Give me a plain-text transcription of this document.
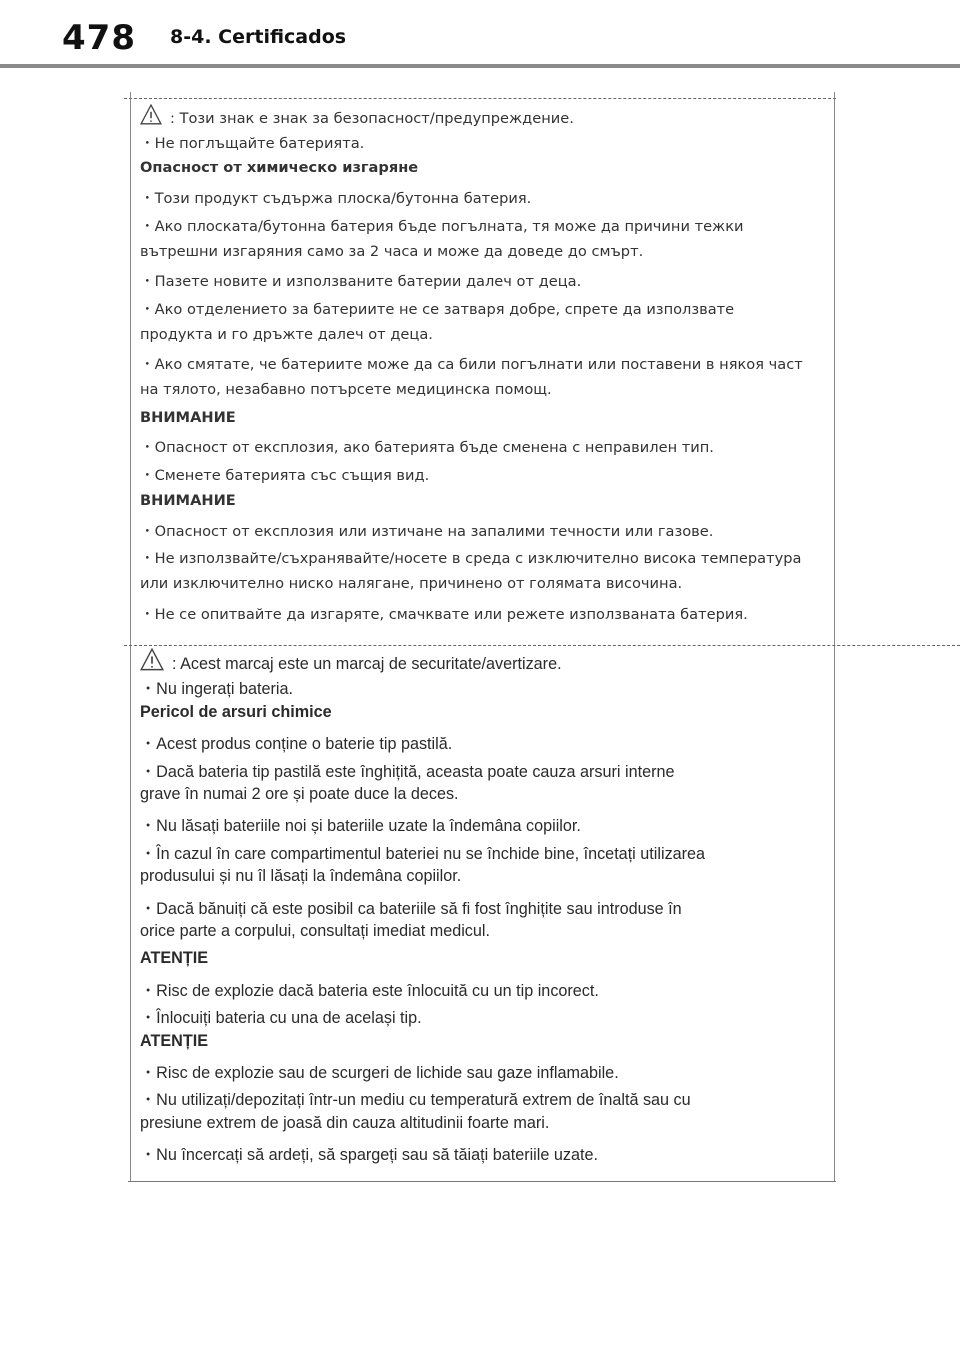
478 8-4. Certificados
: Този знак е знак за безопасност/предупреждение.
・Не поглъщайте батерията.
Опасност от химическо изгаряне
・Този продукт съдържа плоска/бутонна батерия.
・Ако плоската/бутонна батерия бъде погълната, тя може да причини тежки
вътрешни изгаряния само за 2 часа и може да доведе до смърт.
・Пазете новите и използваните батерии далеч от деца.
・Ако отделението за батериите не се затваря добре, спрете да използвате
продукта и го дръжте далеч от деца.
・Ако смятате, че батериите може да са били погълнати или поставени в някоя част
на тялото, незабавно потърсете медицинска помощ.
ВНИМАНИЕ
・Опасност от експлозия, ако батерията бъде сменена с неправилен тип.
・Сменете батерията със същия вид.
ВНИМАНИЕ
・Опасност от експлозия или изтичане на запалими течности или газове.
・Не използвайте/съхранявайте/носете в среда с изключително висока температура
или изключително ниско налягане, причинено от голямата височина.
・Не се опитвайте да изгаряте, смачквате или режете използваната батерия.
: Acest marcaj este un marcaj de securitate/avertizare.
・Nu ingerați bateria.
Pericol de arsuri chimice
・Acest produs conține o baterie tip pastilă.
・Dacă bateria tip pastilă este înghițită, aceasta poate cauza arsuri interne
grave în numai 2 ore și poate duce la deces.
・Nu lăsați bateriile noi și bateriile uzate la îndemâna copiilor.
・În cazul în care compartimentul bateriei nu se închide bine, încetați utilizarea
produsului și nu îl lăsați la îndemâna copiilor.
・Dacă bănuiți că este posibil ca bateriile să fi fost înghițite sau introduse în
orice parte a corpului, consultați imediat medicul.
ATENȚIE
・Risc de explozie dacă bateria este înlocuită cu un tip incorect.
・Înlocuiți bateria cu una de același tip.
ATENȚIE
・Risc de explozie sau de scurgeri de lichide sau gaze inflamabile.
・Nu utilizați/depozitați într-un mediu cu temperatură extrem de înaltă sau cu
presiune extrem de joasă din cauza altitudinii foarte mari.
・Nu încercați să ardeți, să spargeți sau să tăiați bateriile uzate.
